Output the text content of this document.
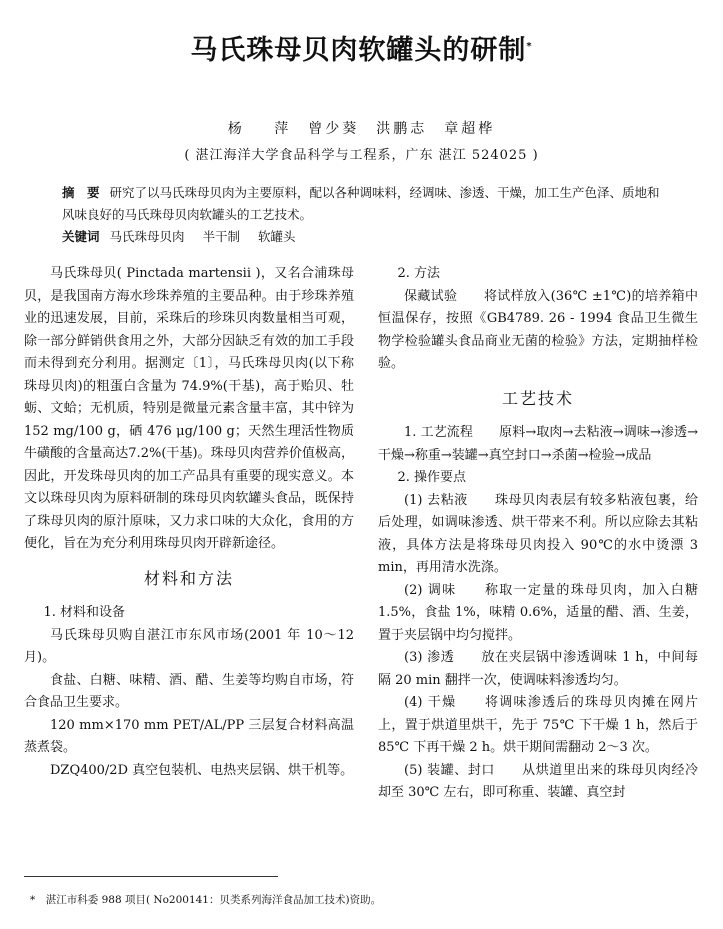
马氏珠母贝肉软罐头的研制*
杨 萍　曾少葵　洪鹏志　章超桦
( 湛江海洋大学食品科学与工程系，广东 湛江 524025 )
摘　要 研究了以马氏珠母贝肉为主要原料，配以各种调味料，经调味、渗透、干燥，加工生产色泽、质地和风味良好的马氏珠母贝肉软罐头的工艺技术。
关键词 马氏珠母贝肉 半干制 软罐头

马氏珠母贝( Pinctada martensii )，又名合浦珠母贝，是我国南方海水珍珠养殖的主要品种。由于珍珠养殖业的迅速发展，目前，采珠后的珍珠贝肉数量相当可观，除一部分鲜销供食用之外，大部分因缺乏有效的加工手段而未得到充分利用。据测定〔1〕，马氏珠母贝肉(以下称珠母贝肉)的粗蛋白含量为 74.9%(干基)，高于贻贝、牡蛎、文蛤；无机质，特别是微量元素含量丰富，其中锌为 152 mg/100 g，硒 476 μg/100 g；天然生理活性物质牛磺酸的含量高达7.2%(干基)。珠母贝肉营养价值极高，因此，开发珠母贝肉的加工产品具有重要的现实意义。本文以珠母贝肉为原料研制的珠母贝肉软罐头食品，既保持了珠母贝肉的原汁原味，又力求口味的大众化，食用的方便化，旨在为充分利用珠母贝肉开辟新途径。

材料和方法

1. 材料和设备

马氏珠母贝购自湛江市东风市场(2001 年 10～12 月)。

食盐、白糖、味精、酒、醋、生姜等均购自市场，符合食品卫生要求。

120 mm×170 mm PET/AL/PP 三层复合材料高温蒸煮袋。

DZQ400/2D 真空包装机、电热夹层锅、烘干机等。

2. 方法

保藏试验　　将试样放入(36℃ ±1℃)的培养箱中恒温保存，按照《GB4789. 26 - 1994 食品卫生微生物学检验罐头食品商业无菌的检验》方法，定期抽样检验。

工艺技术

1. 工艺流程　　原料→取肉→去粘液→调味→渗透→干燥→称重→装罐→真空封口→杀菌→检验→成品

2. 操作要点

(1) 去粘液　　珠母贝肉表层有较多粘液包裹，给后处理，如调味渗透、烘干带来不利。所以应除去其粘液，具体方法是将珠母贝肉投入 90℃的水中烫漂 3 min，再用清水洗涤。

(2) 调味　　称取一定量的珠母贝肉，加入白糖 1.5%，食盐 1%，味精 0.6%，适量的醋、酒、生姜，置于夹层锅中均匀搅拌。

(3) 渗透　　放在夹层锅中渗透调味 1 h，中间每隔 20 min 翻拌一次，使调味料渗透均匀。

(4) 干燥　　将调味渗透后的珠母贝肉摊在网片上，置于烘道里烘干，先于 75℃ 下干燥 1 h，然后于 85℃ 下再干燥 2 h。烘干期间需翻动 2～3 次。

(5) 装罐、封口　　从烘道里出来的珠母贝肉经冷却至 30℃ 左右，即可称重、装罐、真空封

*　湛江市科委 988 项目( No200141：贝类系列海洋食品加工技术)资助。
